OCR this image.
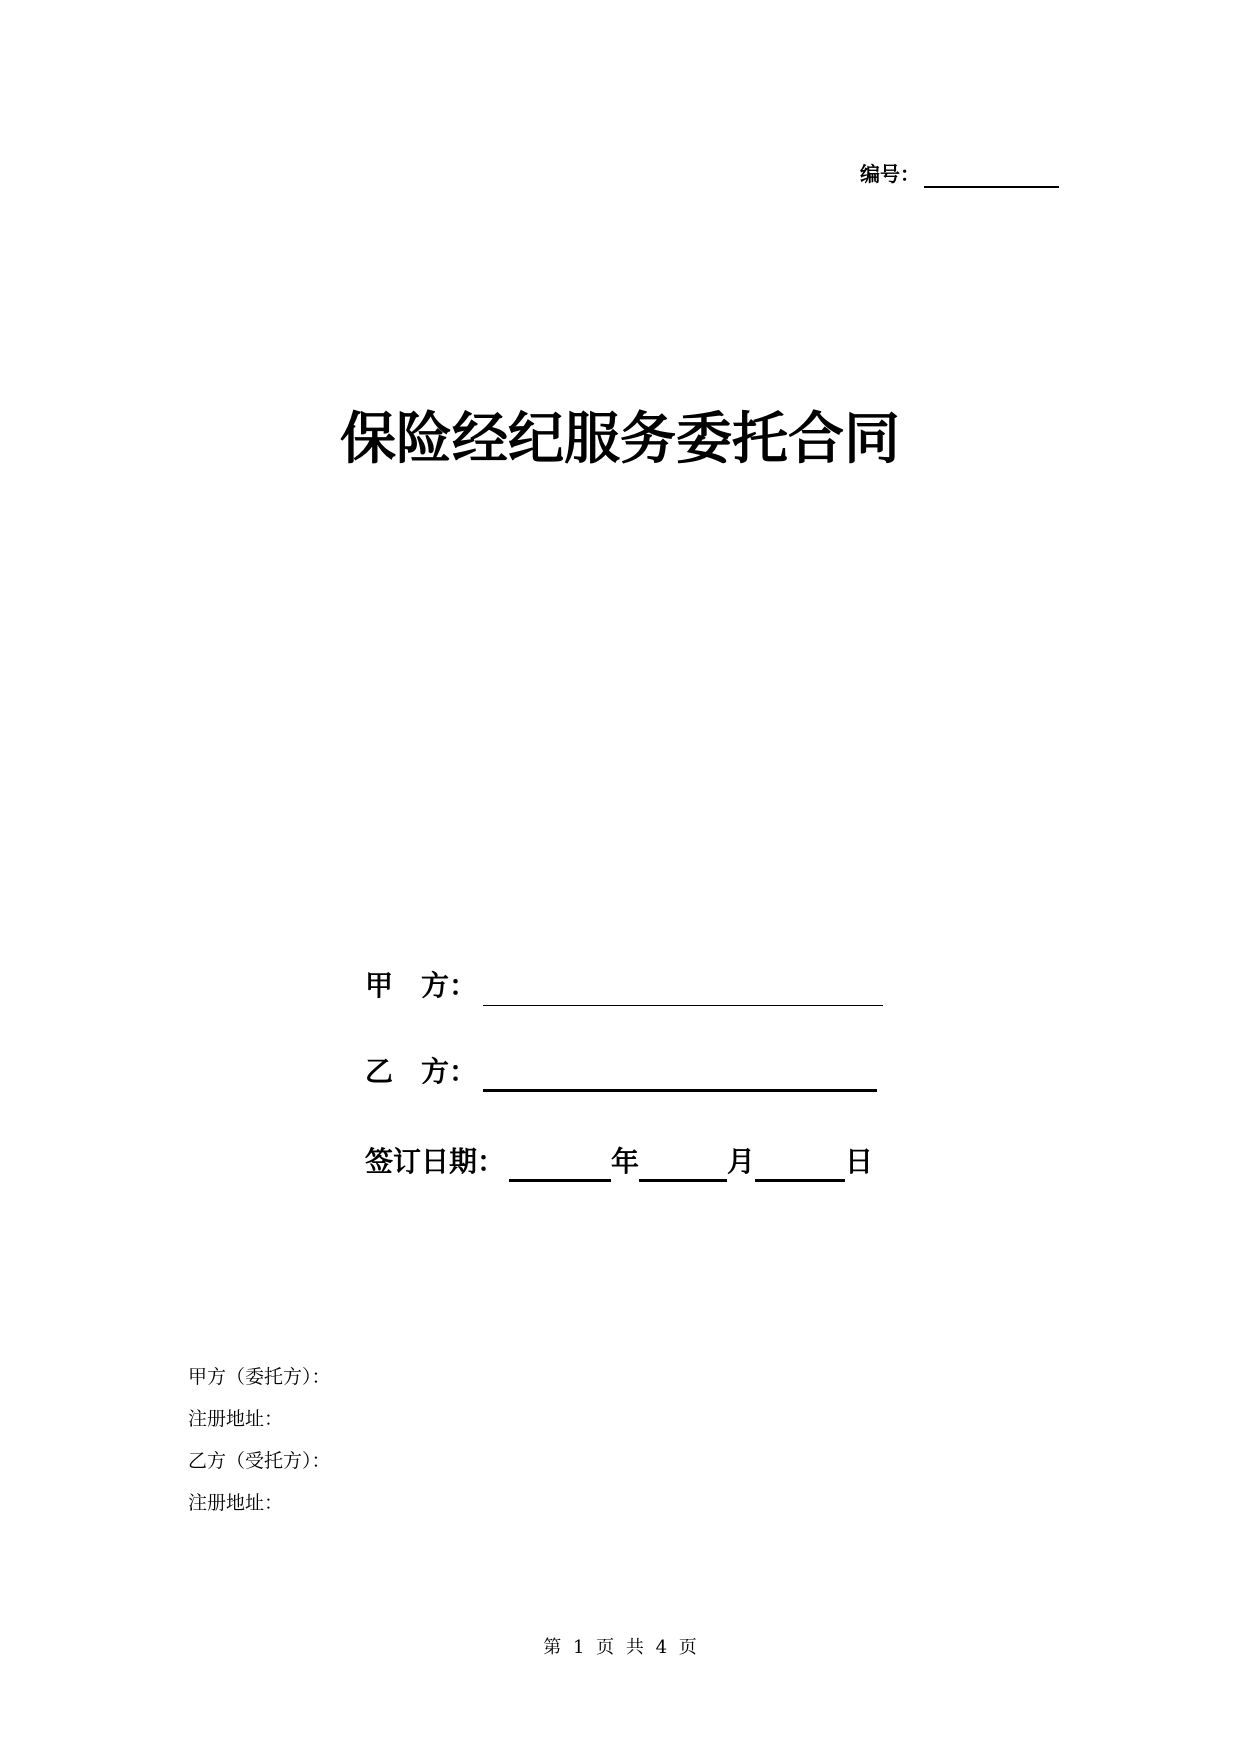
编号：
保险经纪服务委托合同
甲 方：
乙 方：
签订日期：	年	月	日
甲方（委托方）：
注册地址：
乙方（受托方）：
注册地址：
第 1 页 共 4 页
